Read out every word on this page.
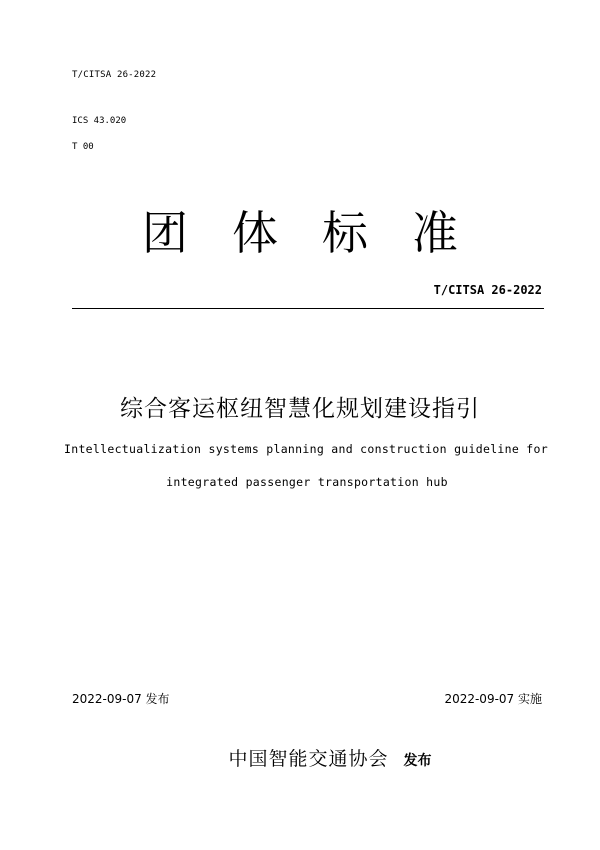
T/CITSA 26-2022
ICS 43.020
T 00
团体标准
T/CITSA 26-2022
综合客运枢纽智慧化规划建设指引
Intellectualization systems planning and construction guideline for
integrated passenger transportation hub
2022-09-07 发布	2022-09-07 实施
中国智能交通协会 发布
